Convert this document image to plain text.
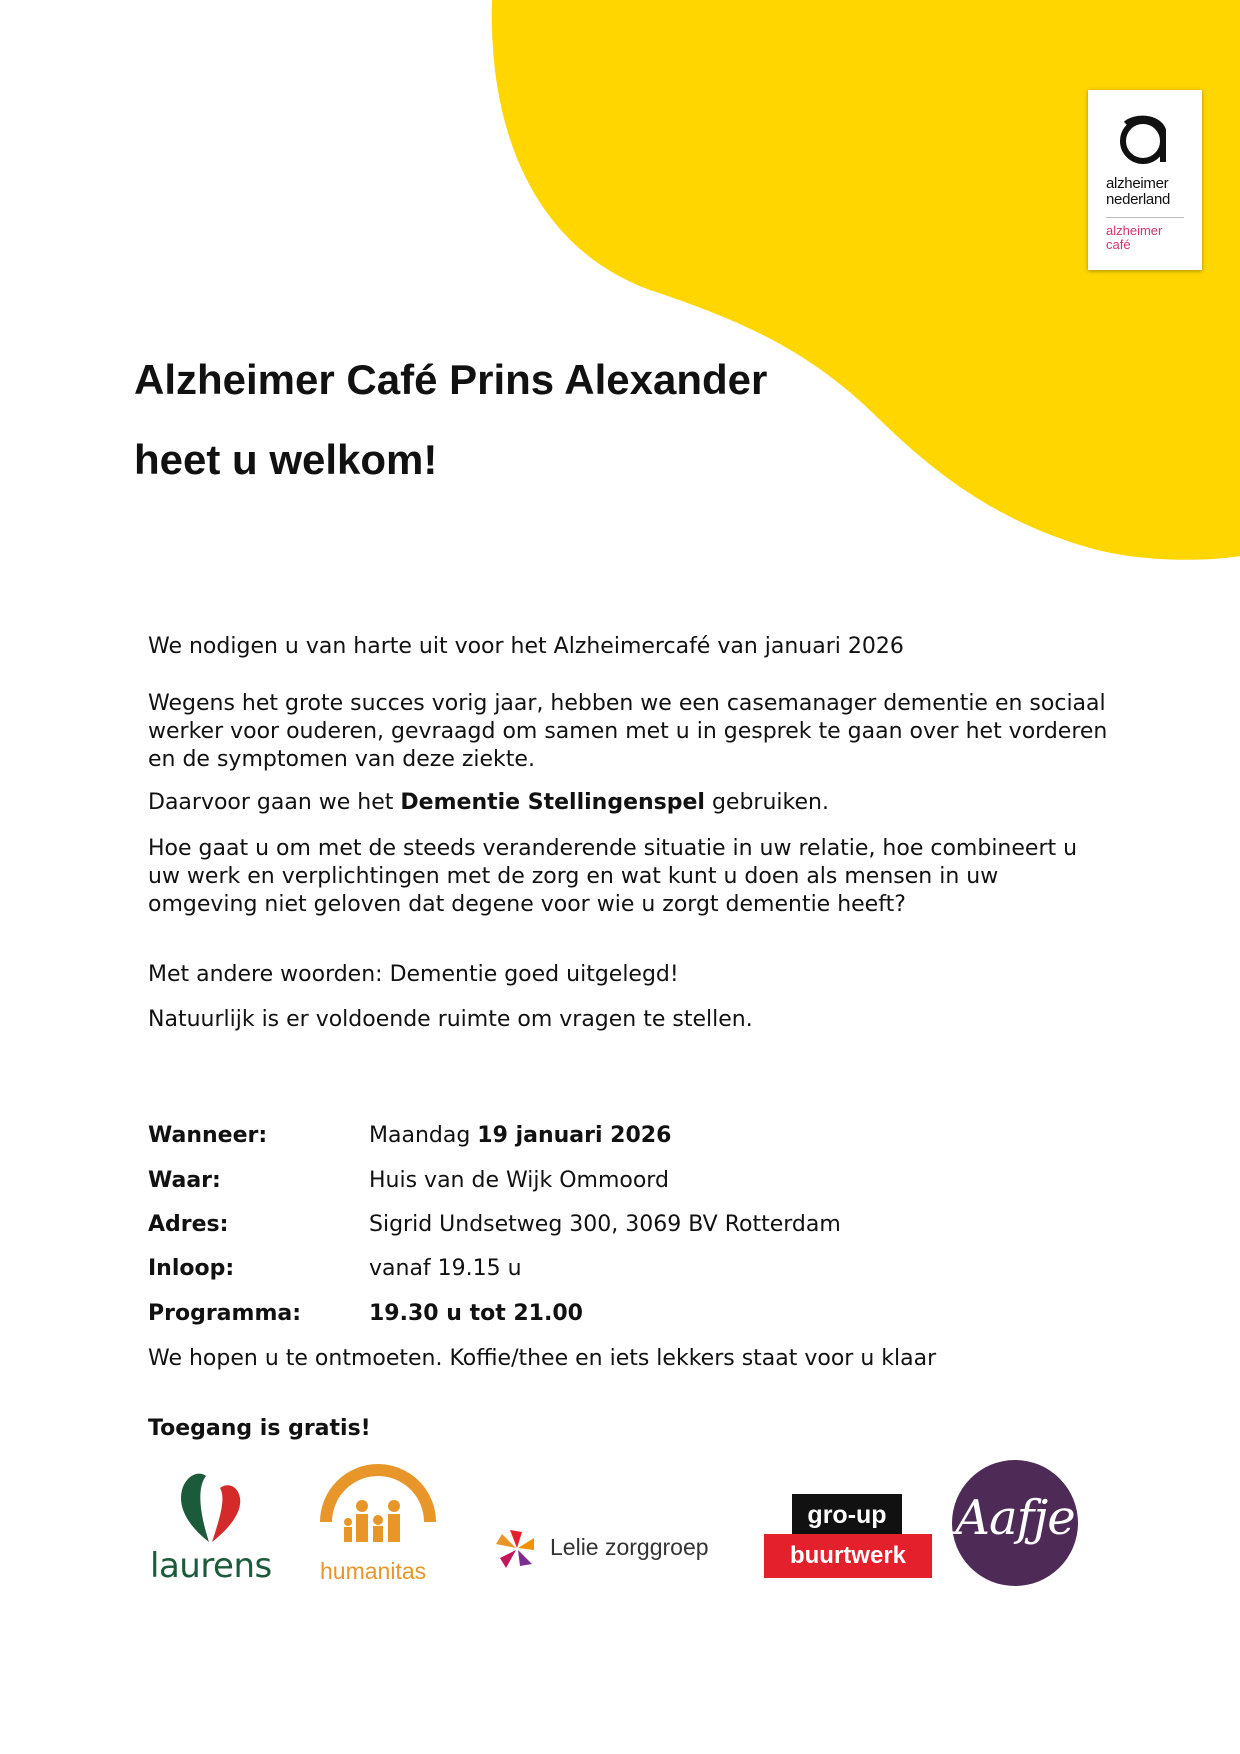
alzheimer
nederland
alzheimer
café
Alzheimer Café Prins Alexander
heet u welkom!

We nodigen u van harte uit voor het Alzheimercafé van januari 2026

Wegens het grote succes vorig jaar, hebben we een casemanager dementie en sociaal werker voor ouderen, gevraagd om samen met u in gesprek te gaan over het vorderen en de symptomen van deze ziekte.

Daarvoor gaan we het Dementie Stellingenspel gebruiken.

Hoe gaat u om met de steeds veranderende situatie in uw relatie, hoe combineert u uw werk en verplichtingen met de zorg en wat kunt u doen als mensen in uw omgeving niet geloven dat degene voor wie u zorgt dementie heeft?

Met andere woorden: Dementie goed uitgelegd!

Natuurlijk is er voldoende ruimte om vragen te stellen.

Wanneer:	Maandag 19 januari 2026
Waar:	Huis van de Wijk Ommoord
Adres:	Sigrid Undsetweg 300, 3069 BV Rotterdam
Inloop:	vanaf 19.15 u
Programma:	19.30 u tot 21.00

We hopen u te ontmoeten. Koffie/thee en iets lekkers staat voor u klaar

Toegang is gratis!

laurens humanitas
Lelie zorggroep
gro-up
buurtwerk
Aafje
